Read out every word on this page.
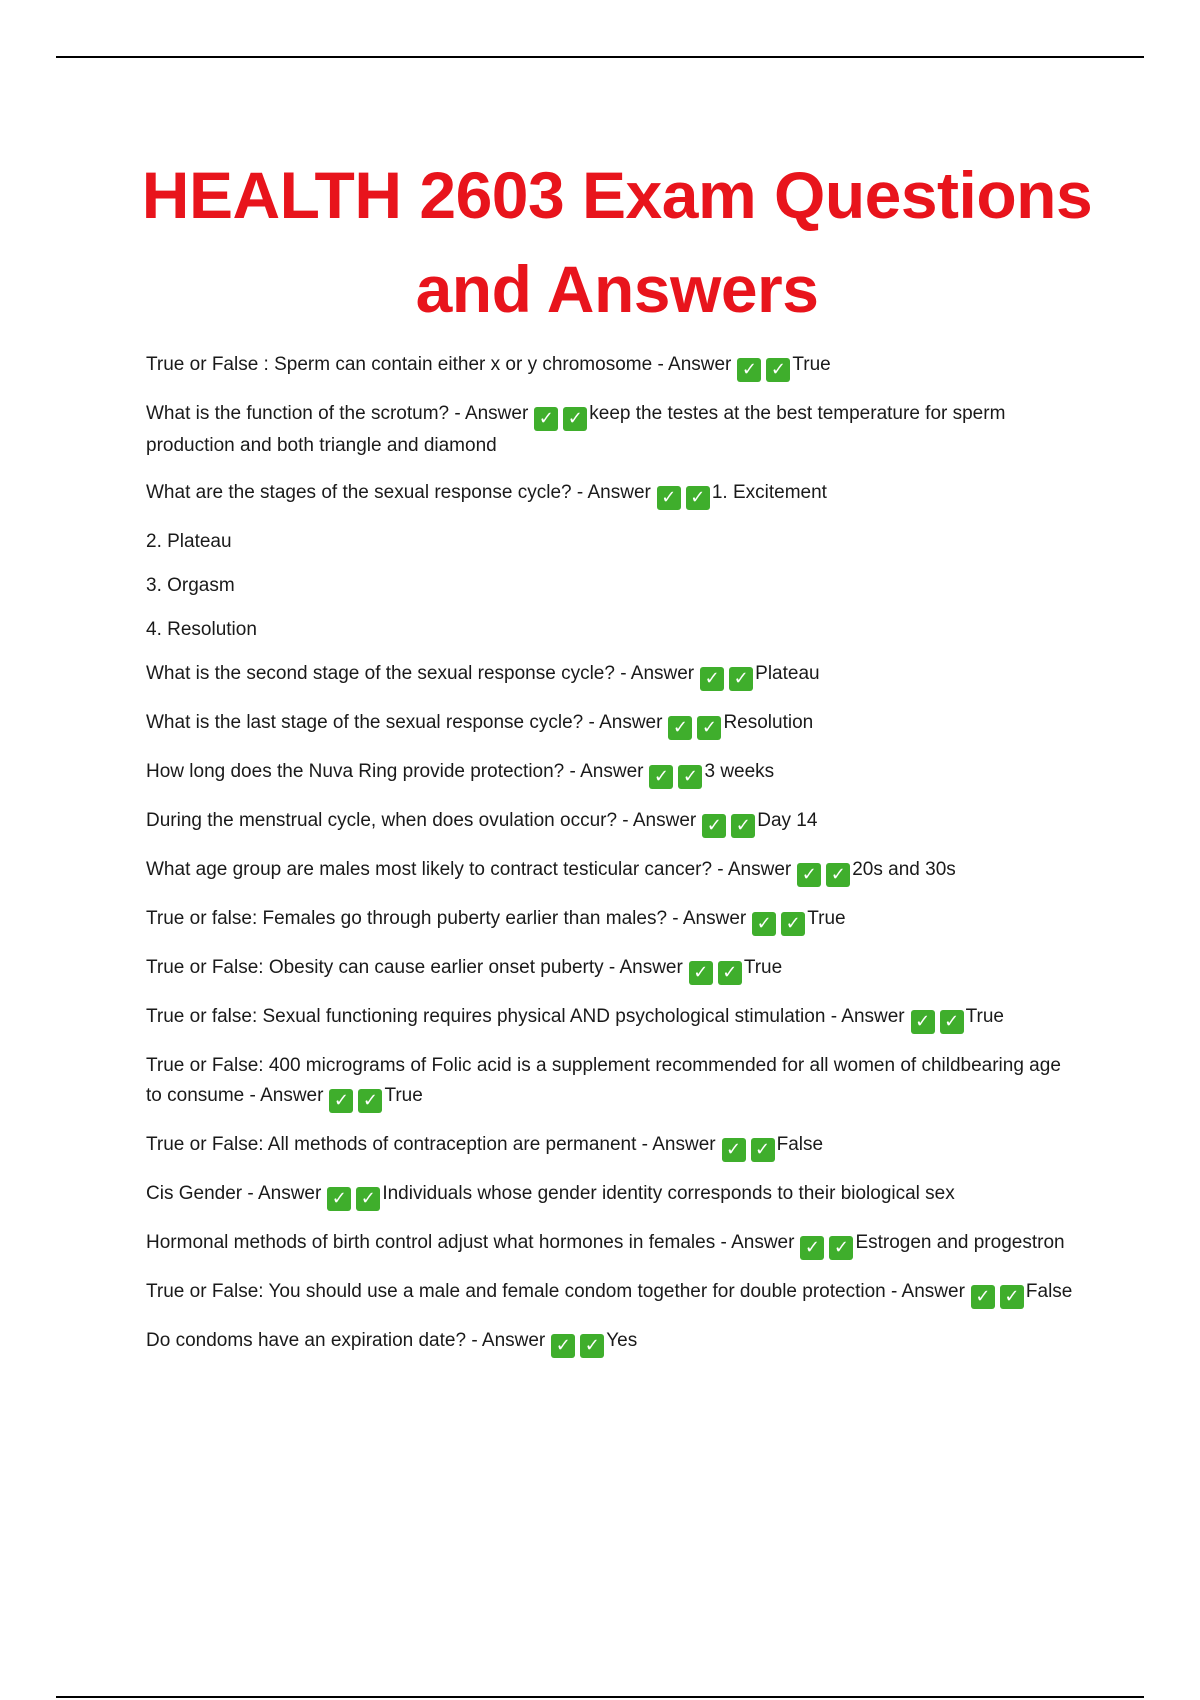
HEALTH 2603 Exam Questions and Answers
True or False : Sperm can contain either x or y chromosome - Answer ✓ ✓ True
What is the function of the scrotum? - Answer ✓ ✓ keep the testes at the best temperature for sperm production and both triangle and diamond
What are the stages of the sexual response cycle? - Answer ✓ ✓ 1. Excitement
2. Plateau
3. Orgasm
4. Resolution
What is the second stage of the sexual response cycle? - Answer ✓ ✓ Plateau
What is the last stage of the sexual response cycle? - Answer ✓ ✓ Resolution
How long does the Nuva Ring provide protection? - Answer ✓ ✓ 3 weeks
During the menstrual cycle, when does ovulation occur? - Answer ✓ ✓ Day 14
What age group are males most likely to contract testicular cancer? - Answer ✓ ✓ 20s and 30s
True or false: Females go through puberty earlier than males? - Answer ✓ ✓ True
True or False: Obesity can cause earlier onset puberty - Answer ✓ ✓ True
True or false: Sexual functioning requires physical AND psychological stimulation - Answer ✓ ✓ True
True or False: 400 micrograms of Folic acid is a supplement recommended for all women of childbearing age to consume - Answer ✓ ✓ True
True or False: All methods of contraception are permanent - Answer ✓ ✓ False
Cis Gender - Answer ✓ ✓ Individuals whose gender identity corresponds to their biological sex
Hormonal methods of birth control adjust what hormones in females - Answer ✓ ✓ Estrogen and progestron
True or False: You should use a male and female condom together for double protection - Answer ✓ ✓ False
Do condoms have an expiration date? - Answer ✓ ✓ Yes
